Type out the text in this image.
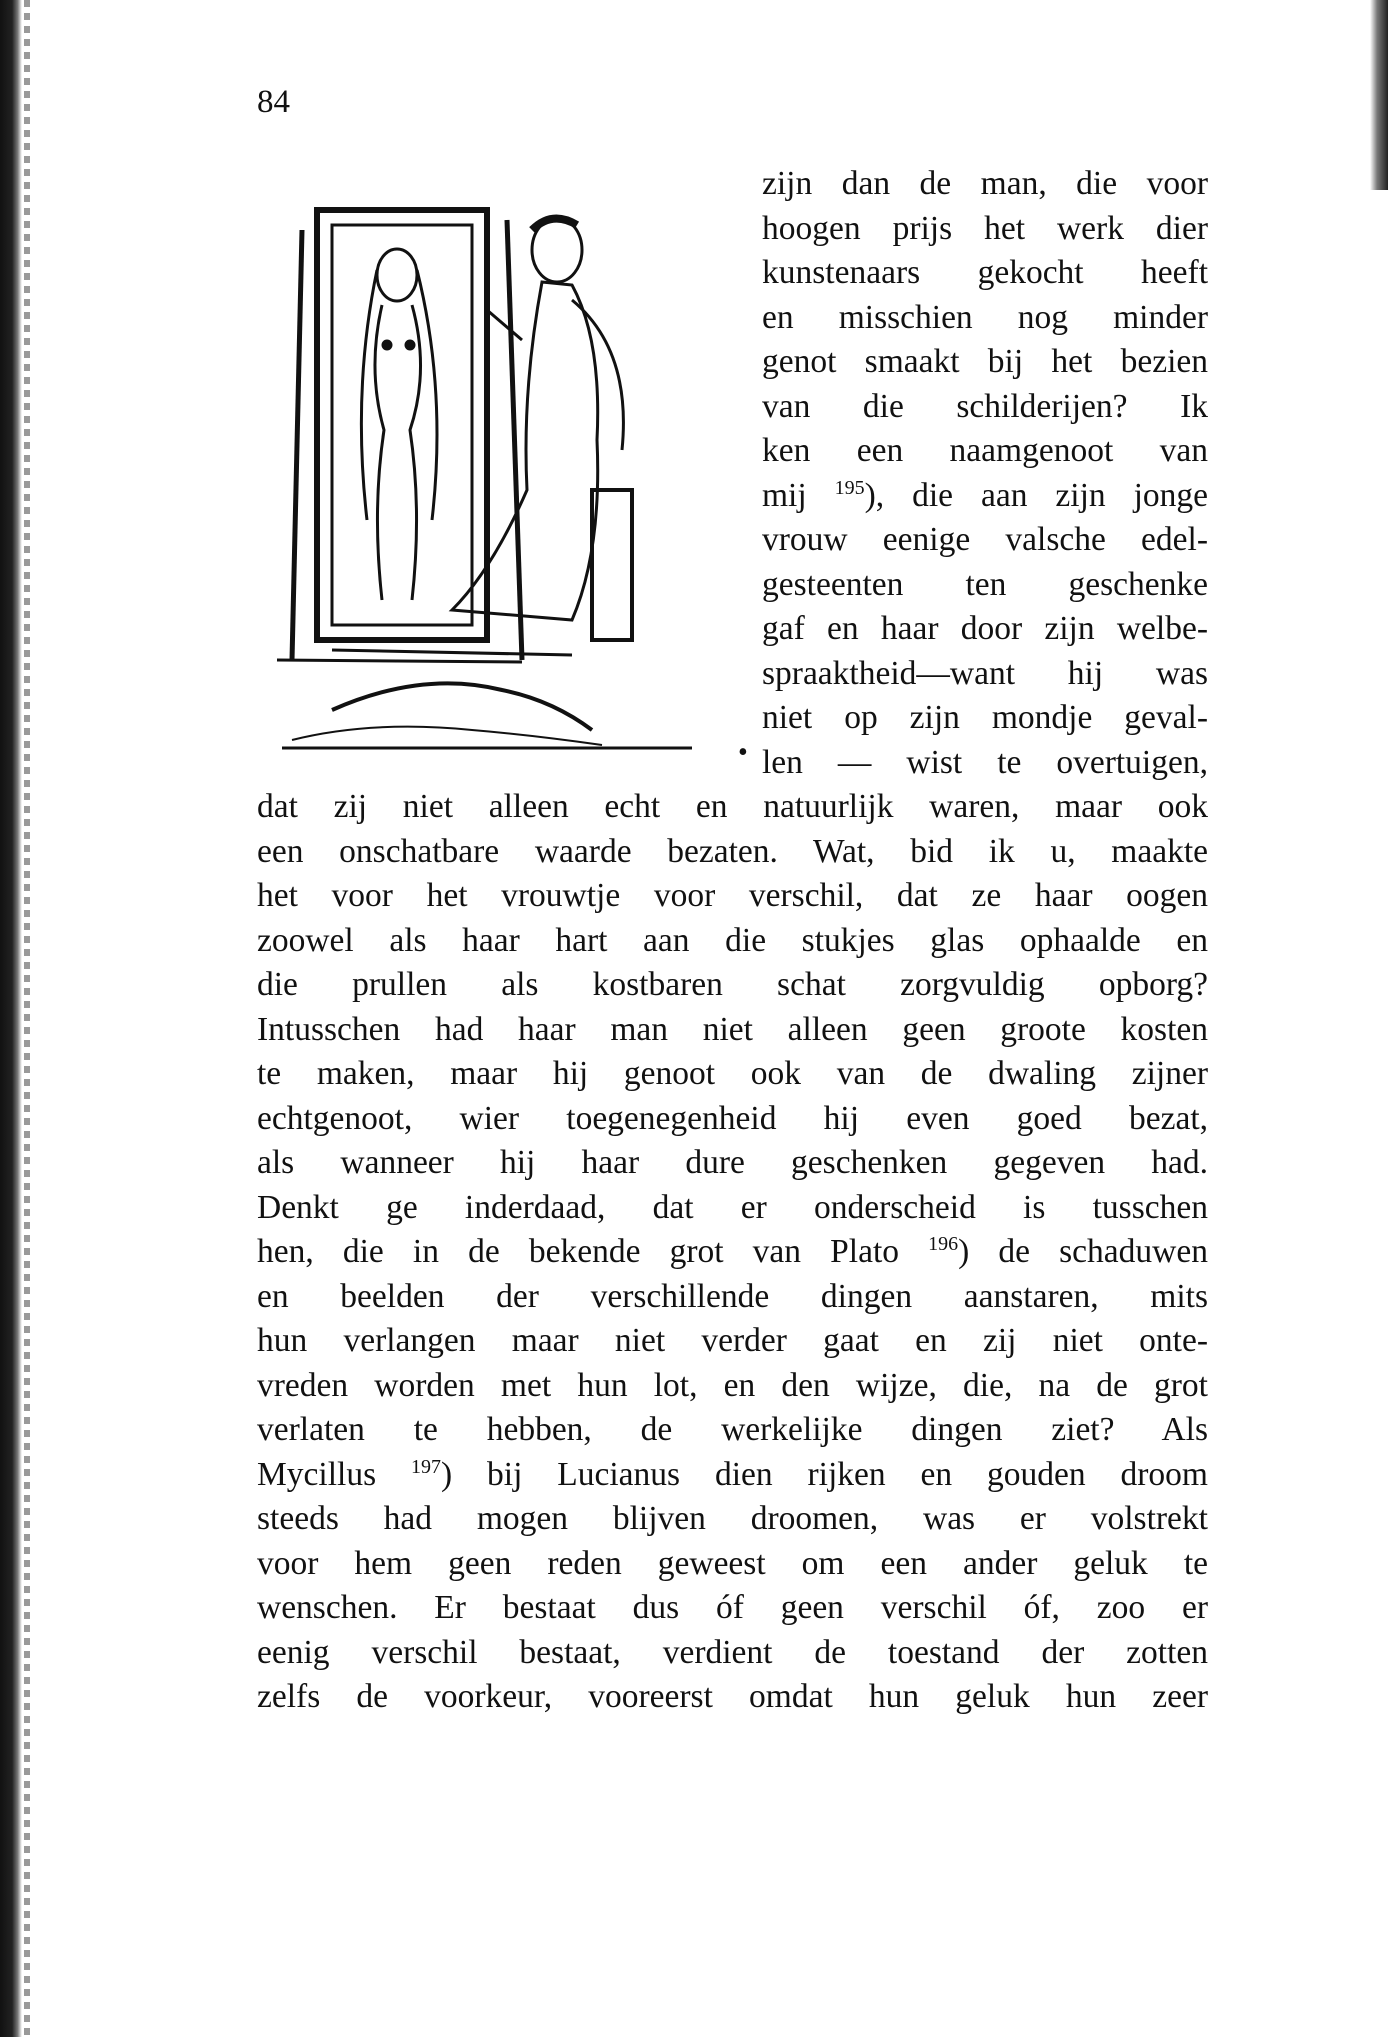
84
•
zijn dan de man, die voor
hoogen prijs het werk dier
kunstenaars gekocht heeft
en misschien nog minder
genot smaakt bij het bezien
van die schilderijen? Ik
ken een naamgenoot van
mij $^{195}$), die aan zijn jonge
vrouw eenige valsche edel-
gesteenten ten geschenke
gaf en haar door zijn welbe-
spraaktheid—want hij was
niet op zijn mondje geval-
len — wist te overtuigen,
dat zij niet alleen echt en natuurlijk waren, maar ook
een onschatbare waarde bezaten. Wat, bid ik u, maakte
het voor het vrouwtje voor verschil, dat ze haar oogen
zoowel als haar hart aan die stukjes glas ophaalde en
die prullen als kostbaren schat zorgvuldig opborg?
Intusschen had haar man niet alleen geen groote kosten
te maken, maar hij genoot ook van de dwaling zijner
echtgenoot, wier toegenegenheid hij even goed bezat,
als wanneer hij haar dure geschenken gegeven had.
Denkt ge inderdaad, dat er onderscheid is tusschen
hen, die in de bekende grot van Plato $^{196}$) de schaduwen
en beelden der verschillende dingen aanstaren, mits
hun verlangen maar niet verder gaat en zij niet onte-
vreden worden met hun lot, en den wijze, die, na de grot
verlaten te hebben, de werkelijke dingen ziet? Als
Mycillus $^{197}$) bij Lucianus dien rijken en gouden droom
steeds had mogen blijven droomen, was er volstrekt
voor hem geen reden geweest om een ander geluk te
wenschen. Er bestaat dus óf geen verschil óf, zoo er
eenig verschil bestaat, verdient de toestand der zotten
zelfs de voorkeur, vooreerst omdat hun geluk hun zeer
